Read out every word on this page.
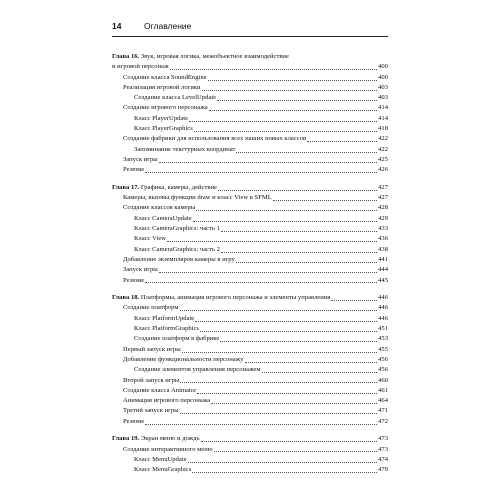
14	Оглавление
Глава 16. Звук, игровая логика, межобъектное взаимодействие
и игровой персонаж	400
Создание класса SoundEngine	400
Реализация игровой логики	403
Создание класса LevelUpdate	403
Создание игрового персонажа	414
Класс PlayerUpdate	414
Класс PlayerGraphics	418
Создание фабрики для использования всех наших новых классов	422
Запоминание текстурных координат	422
Запуск игры	425
Резюме	426
Глава 17. Графика, камеры, действие	427
Камеры, вызовы функции draw и класс View в SFML	427
Создание классов камеры	428
Класс CameraUpdate	429
Класс CameraGraphics: часть 1	433
Класс View	436
Класс CameraGraphics: часть 2	438
Добавление экземпляров камеры в игру	441
Запуск игры	444
Резюме	445
Глава 18. Платформы, анимация игрового персонажа и элементы управления	446
Создание платформ	446
Класс PlatformUpdate	446
Класс PlatformGraphics	451
Создание платформ в фабрике	453
Первый запуск игры	455
Добавление функциональности персонажу	456
Создание элементов управления персонажем	456
Второй запуск игры	460
Создание класса Animator	461
Анимация игрового персонажа	464
Третий запуск игры	471
Резюме	472
Глава 19. Экран меню и дождь	473
Создание интерактивного меню	473
Класс MenuUpdate	474
Класс MenuGraphics	479
